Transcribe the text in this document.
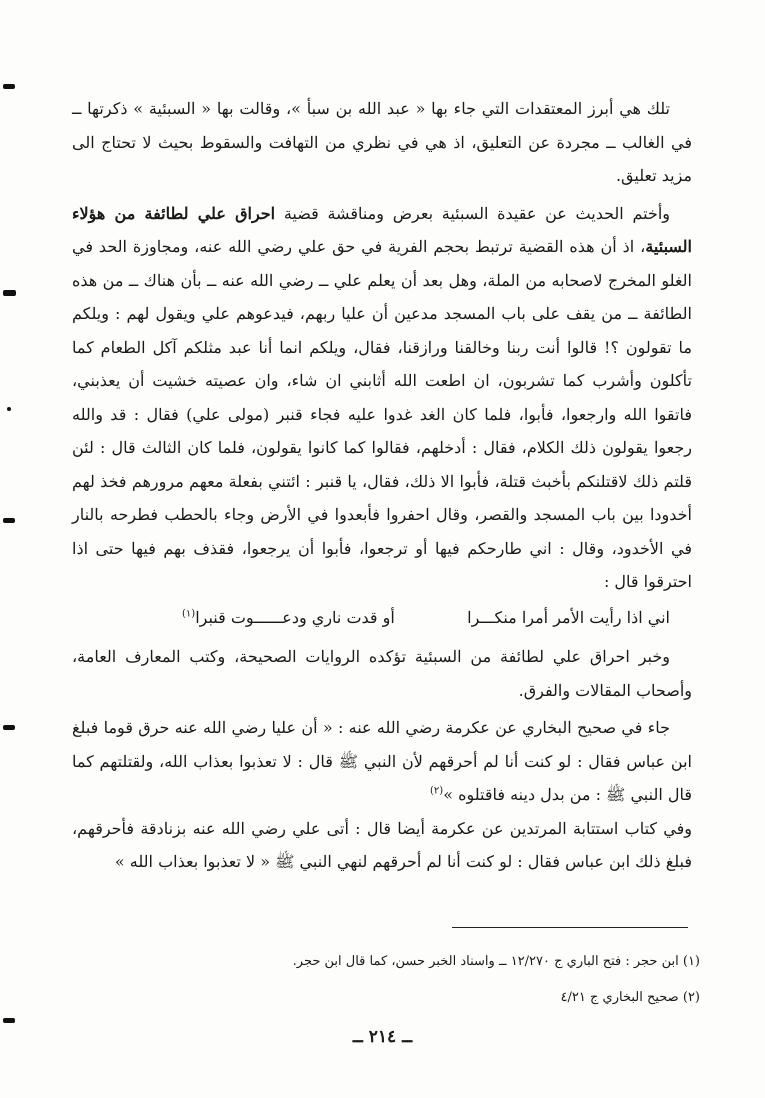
تلك هي أبرز المعتقدات التي جاء بها « عبد الله بن سبأ »، وقالت بها « السبئية » ذكرتها ــ في الغالب ــ مجردة عن التعليق، اذ هي في نظري من التهافت والسقوط بحيث لا تحتاج الى مزيد تعليق.

وأختم الحديث عن عقيدة السبئية بعرض ومناقشة قضية احراق علي لطائفة من هؤلاء السبئية، اذ أن هذه القضية ترتبط بحجم الفرية في حق علي رضي الله عنه، ومجاوزة الحد في الغلو المخرج لاصحابه من الملة، وهل بعد أن يعلم علي ــ رضي الله عنه ــ بأن هناك ــ من هذه الطائفة ــ من يقف على باب المسجد مدعين أن عليا ربهم، فيدعوهم علي ويقول لهم : ويلكم ما تقولون ؟! قالوا أنت ربنا وخالقنا ورازقنا، فقال، ويلكم انما أنا عبد مثلكم آكل الطعام كما تأكلون وأشرب كما تشربون، ان اطعت الله أثابني ان شاء، وان عصيته خشيت أن يعذبني، فاتقوا الله وارجعوا، فأبوا، فلما كان الغد غدوا عليه فجاء قنبر (مولى علي) فقال : قد والله رجعوا يقولون ذلك الكلام، فقال : أدخلهم، فقالوا كما كانوا يقولون، فلما كان الثالث قال : لئن قلتم ذلك لاقتلنكم بأخبث قتلة، فأبوا الا ذلك، فقال، يا قنبر : ائتني بفعلة معهم مرورهم فخذ لهم أخدودا بين باب المسجد والقصر، وقال احفروا فأبعدوا في الأرض وجاء بالحطب فطرحه بالنار في الأخدود، وقال : اني طارحكم فيها أو ترجعوا، فأبوا أن يرجعوا، فقذف بهم فيها حتى اذا احترقوا قال :

اني اذا رأيت الأمر أمرا منكـــرا
أو قدت ناري ودعــــــوت قنبرا$^{(١)}$

وخبر احراق علي لطائفة من السبئية تؤكده الروايات الصحيحة، وكتب المعارف العامة، وأصحاب المقالات والفرق.

جاء في صحيح البخاري عن عكرمة رضي الله عنه : « أن عليا رضي الله عنه حرق قوما فبلغ ابن عباس فقال : لو كنت أنا لم أحرقهم لأن النبي ﷺ قال : لا تعذبوا بعذاب الله، ولقتلتهم كما قال النبي ﷺ : من بدل دينه فاقتلوه »$^{(٢)}$

وفي كتاب استتابة المرتدين عن عكرمة أيضا قال : أتى علي رضي الله عنه بزنادقة فأحرقهم، فبلغ ذلك ابن عباس فقال : لو كنت أنا لم أحرقهم لنهي النبي ﷺ « لا تعذبوا بعذاب الله »

(١) ابن حجر : فتح الباري ج ١٢/٢٧٠ ــ واسناد الخبر حسن، كما قال ابن حجر.

(٢) صحيح البخاري ج ٤/٢١

ــ ٢١٤ ــ
